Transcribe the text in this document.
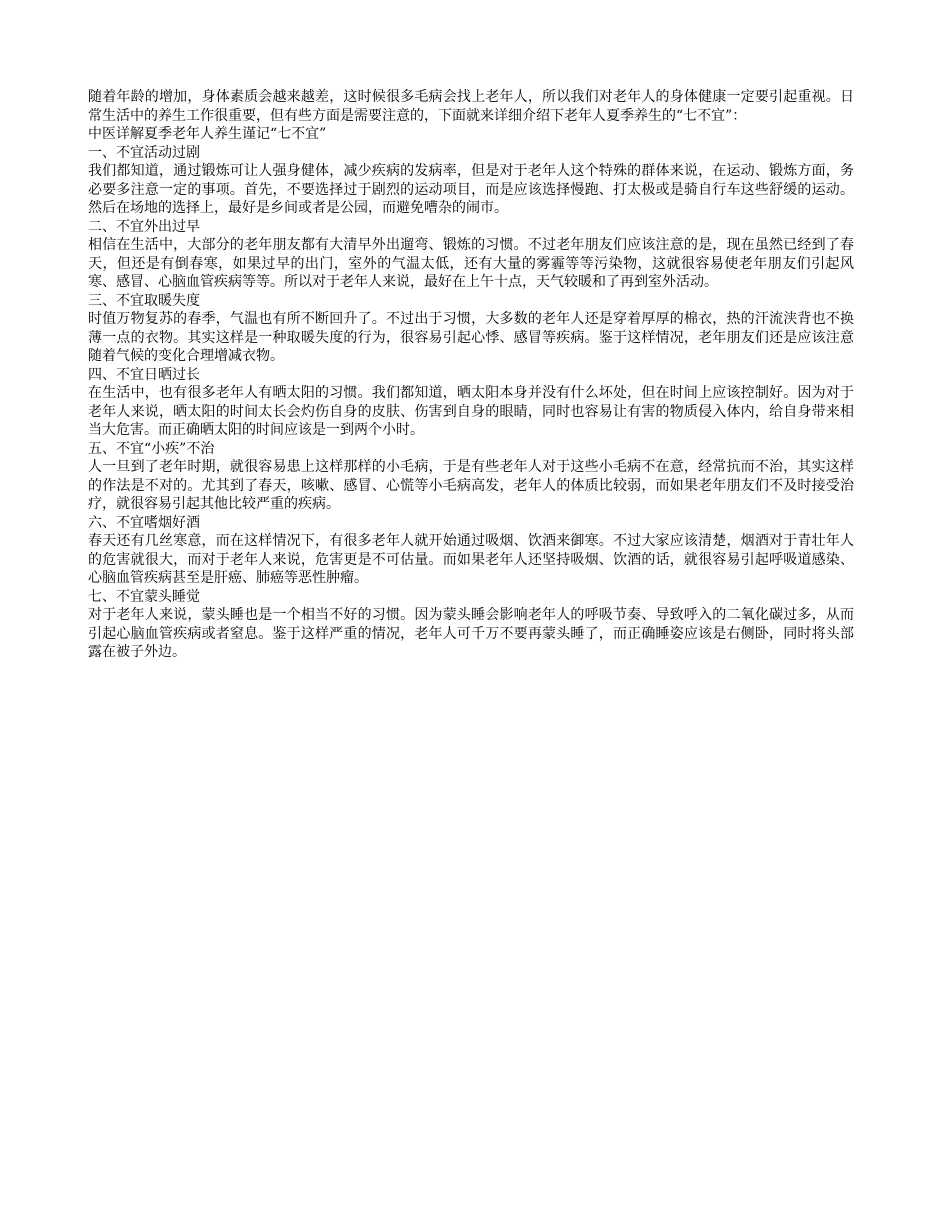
随着年龄的增加，身体素质会越来越差，这时候很多毛病会找上老年人，所以我们对老年人的身体健康一定要引起重视。日常生活中的养生工作很重要，但有些方面是需要注意的，下面就来详细介绍下老年人夏季养生的“七不宜”：

中医详解夏季老年人养生谨记“七不宜”

一、不宜活动过剧

我们都知道，通过锻炼可让人强身健体，减少疾病的发病率，但是对于老年人这个特殊的群体来说，在运动、锻炼方面，务必要多注意一定的事项。首先，不要选择过于剧烈的运动项目，而是应该选择慢跑、打太极或是骑自行车这些舒缓的运动。然后在场地的选择上，最好是乡间或者是公园，而避免嘈杂的闹市。

二、不宜外出过早

相信在生活中，大部分的老年朋友都有大清早外出遛弯、锻炼的习惯。不过老年朋友们应该注意的是，现在虽然已经到了春天，但还是有倒春寒，如果过早的出门，室外的气温太低，还有大量的雾霾等等污染物，这就很容易使老年朋友们引起风寒、感冒、心脑血管疾病等等。所以对于老年人来说，最好在上午十点，天气较暖和了再到室外活动。

三、不宜取暖失度

时值万物复苏的春季，气温也有所不断回升了。不过出于习惯，大多数的老年人还是穿着厚厚的棉衣，热的汗流浃背也不换薄一点的衣物。其实这样是一种取暖失度的行为，很容易引起心悸、感冒等疾病。鉴于这样情况，老年朋友们还是应该注意随着气候的变化合理增减衣物。

四、不宜日晒过长

在生活中，也有很多老年人有晒太阳的习惯。我们都知道，晒太阳本身并没有什么坏处，但在时间上应该控制好。因为对于老年人来说，晒太阳的时间太长会灼伤自身的皮肤、伤害到自身的眼睛，同时也容易让有害的物质侵入体内，给自身带来相当大危害。而正确晒太阳的时间应该是一到两个小时。

五、不宜“小疾”不治

人一旦到了老年时期，就很容易患上这样那样的小毛病，于是有些老年人对于这些小毛病不在意，经常抗而不治，其实这样的作法是不对的。尤其到了春天，咳嗽、感冒、心慌等小毛病高发，老年人的体质比较弱，而如果老年朋友们不及时接受治疗，就很容易引起其他比较严重的疾病。

六、不宜嗜烟好酒

春天还有几丝寒意，而在这样情况下，有很多老年人就开始通过吸烟、饮酒来御寒。不过大家应该清楚，烟酒对于青壮年人的危害就很大，而对于老年人来说，危害更是不可估量。而如果老年人还坚持吸烟、饮酒的话，就很容易引起呼吸道感染、心脑血管疾病甚至是肝癌、肺癌等恶性肿瘤。

七、不宜蒙头睡觉

对于老年人来说，蒙头睡也是一个相当不好的习惯。因为蒙头睡会影响老年人的呼吸节奏、导致呼入的二氧化碳过多，从而引起心脑血管疾病或者窒息。鉴于这样严重的情况，老年人可千万不要再蒙头睡了，而正确睡姿应该是右侧卧，同时将头部露在被子外边。
